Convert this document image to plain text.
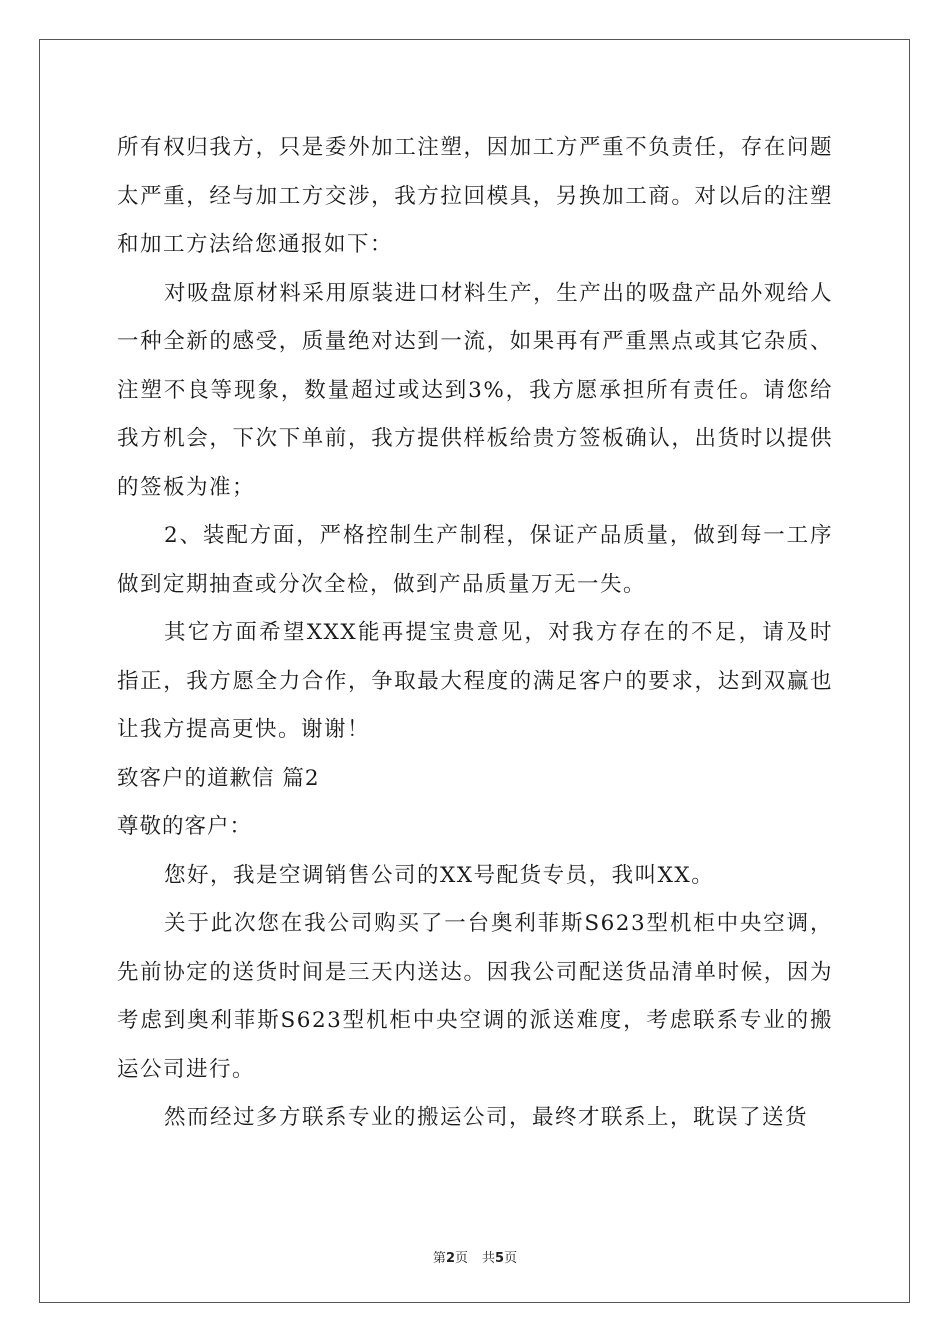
所有权归我方，只是委外加工注塑，因加工方严重不负责任，存在问题太严重，经与加工方交涉，我方拉回模具，另换加工商。对以后的注塑和加工方法给您通报如下：

对吸盘原材料采用原装进口材料生产，生产出的吸盘产品外观给人一种全新的感受，质量绝对达到一流，如果再有严重黑点或其它杂质、注塑不良等现象，数量超过或达到3%，我方愿承担所有责任。请您给我方机会，下次下单前，我方提供样板给贵方签板确认，出货时以提供的签板为准；

2、装配方面，严格控制生产制程，保证产品质量，做到每一工序做到定期抽查或分次全检，做到产品质量万无一失。

其它方面希望XXX能再提宝贵意见，对我方存在的不足，请及时指正，我方愿全力合作，争取最大程度的满足客户的要求，达到双赢也让我方提高更快。谢谢！

致客户的道歉信 篇2

尊敬的客户：

您好，我是空调销售公司的XX号配货专员，我叫XX。

关于此次您在我公司购买了一台奥利菲斯S623型机柜中央空调，先前协定的送货时间是三天内送达。因我公司配送货品清单时候，因为考虑到奥利菲斯S623型机柜中央空调的派送难度，考虑联系专业的搬运公司进行。

然而经过多方联系专业的搬运公司，最终才联系上，耽误了送货

第2页 共5页
